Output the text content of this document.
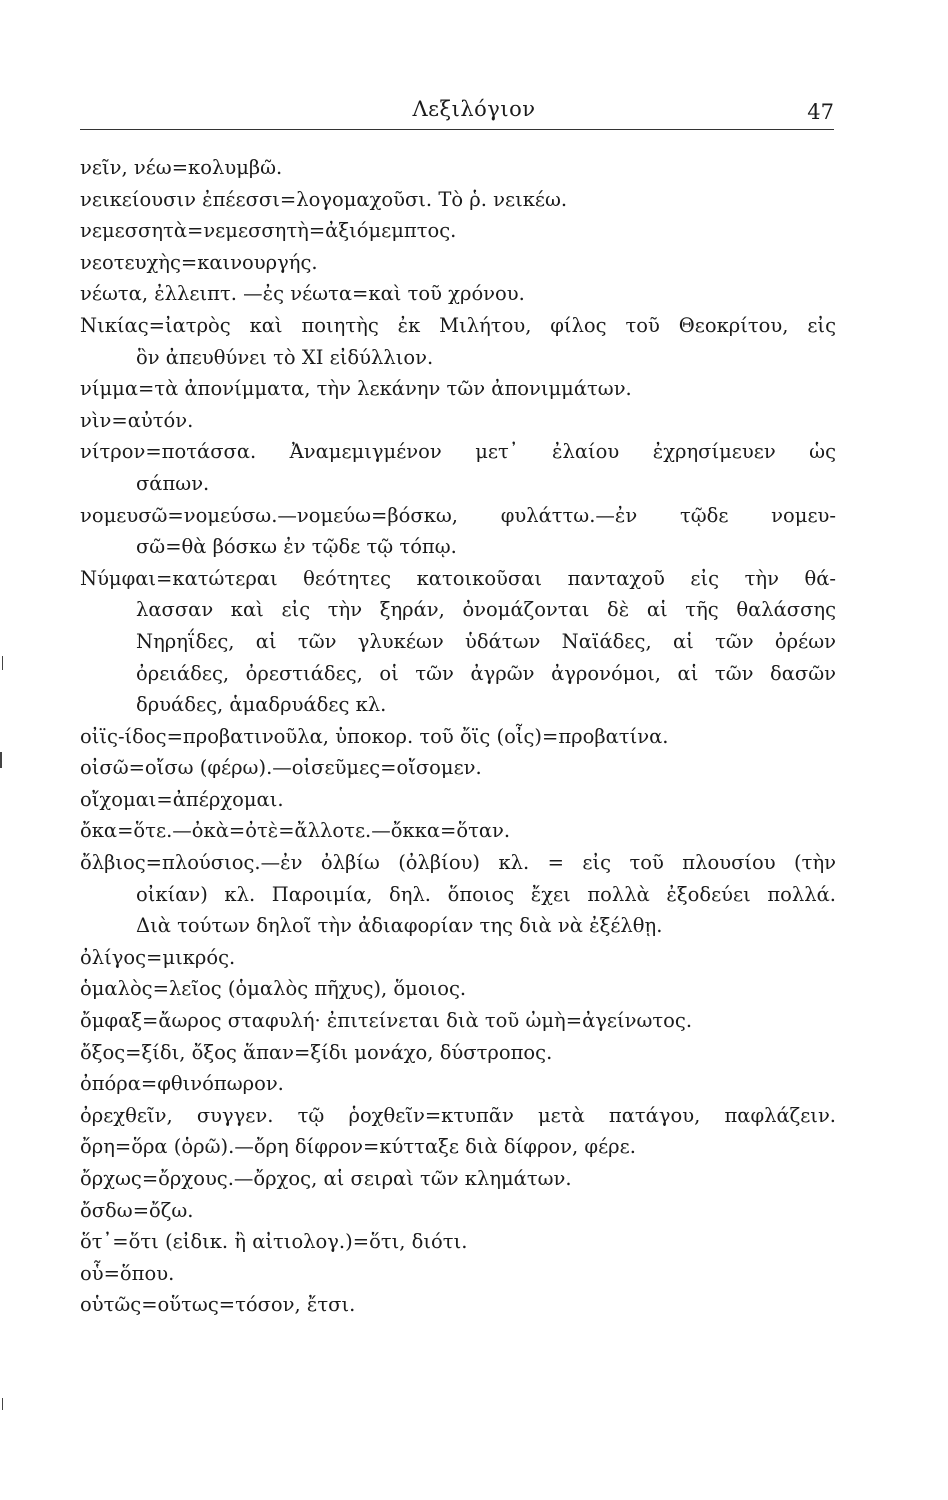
Λεξιλόγιον	47
νεῖν, νέω=κολυμβῶ.
νεικείουσιν ἐπέεσσι=λογομαχοῦσι. Τὸ ῥ. νεικέω.
νεμεσσητὰ=νεμεσσητὴ=ἀξιόμεμπτος.
νεοτευχὴς=καινουργής.
νέωτα, ἐλλειπτ. —ἐς νέωτα=καὶ τοῦ χρόνου.
Νικίας=ἰατρὸς καὶ ποιητὴς ἐκ Μιλήτου, φίλος τοῦ Θεοκρίτου, εἰς
ὃν ἀπευθύνει τὸ XI εἰδύλλιον.
νίμμα=τὰ ἀπονίμματα, τὴν λεκάνην τῶν ἀπονιμμάτων.
νὶν=αὐτόν.
νίτρον=ποτάσσα. Ἀναμεμιγμένον μετ᾽ ἐλαίου ἐχρησίμευεν ὡς
σάπων.
νομευσῶ=νομεύσω.—νομεύω=βόσκω, φυλάττω.—ἐν τῷδε νομευ-
σῶ=θὰ βόσκω ἐν τῷδε τῷ τόπῳ.
Νύμφαι=κατώτεραι θεότητες κατοικοῦσαι πανταχοῦ εἰς τὴν θά-
λασσαν καὶ εἰς τὴν ξηράν, ὀνομάζονται δὲ αἱ τῆς θαλάσσης
Νηρηΐδες, αἱ τῶν γλυκέων ὑδάτων Ναϊάδες, αἱ τῶν ὀρέων
ὀρειάδες, ὀρεστιάδες, οἱ τῶν ἀγρῶν ἀγρονόμοι, αἱ τῶν δασῶν
δρυάδες, ἁμαδρυάδες κλ.
οἰϊς-ίδος=προβατινοῦλα, ὑποκορ. τοῦ ὄϊς (οἶς)=προβατίνα.
οἰσῶ=οἴσω (φέρω).—οἰσεῦμες=οἴσομεν.
οἴχομαι=ἀπέρχομαι.
ὄκα=ὅτε.—ὀκὰ=ὀτὲ=ἄλλοτε.—ὄκκα=ὅταν.
ὄλβιος=πλούσιος.—ἐν ὀλβίω (ὀλβίου) κλ. = εἰς τοῦ πλουσίου (τὴν
οἰκίαν) κλ. Παροιμία, δηλ. ὅποιος ἔχει πολλὰ ἐξοδεύει πολλά.
Διὰ τούτων δηλοῖ τὴν ἀδιαφορίαν της διὰ νὰ ἐξέλθῃ.
ὀλίγος=μικρός.
ὁμαλὸς=λεῖος (ὁμαλὸς πῆχυς), ὅμοιος.
ὄμφαξ=ἄωρος σταφυλή· ἐπιτείνεται διὰ τοῦ ὠμὴ=ἀγείνωτος.
ὄξος=ξίδι, ὄξος ἅπαν=ξίδι μονάχο, δύστροπος.
ὀπόρα=φθινόπωρον.
ὀρεχθεῖν, συγγεν. τῷ ῥοχθεῖν=κτυπᾶν μετὰ πατάγου, παφλάζειν.
ὄρη=ὅρα (ὁρῶ).—ὄρη δίφρον=κύτταξε διὰ δίφρον, φέρε.
ὄρχως=ὄρχους.—ὄρχος, αἱ σειραὶ τῶν κλημάτων.
ὄσδω=ὄζω.
ὅτ᾽=ὅτι (εἰδικ. ἢ αἰτιολογ.)=ὅτι, διότι.
οὗ=ὅπου.
οὑτῶς=οὕτως=τόσον, ἔτσι.
